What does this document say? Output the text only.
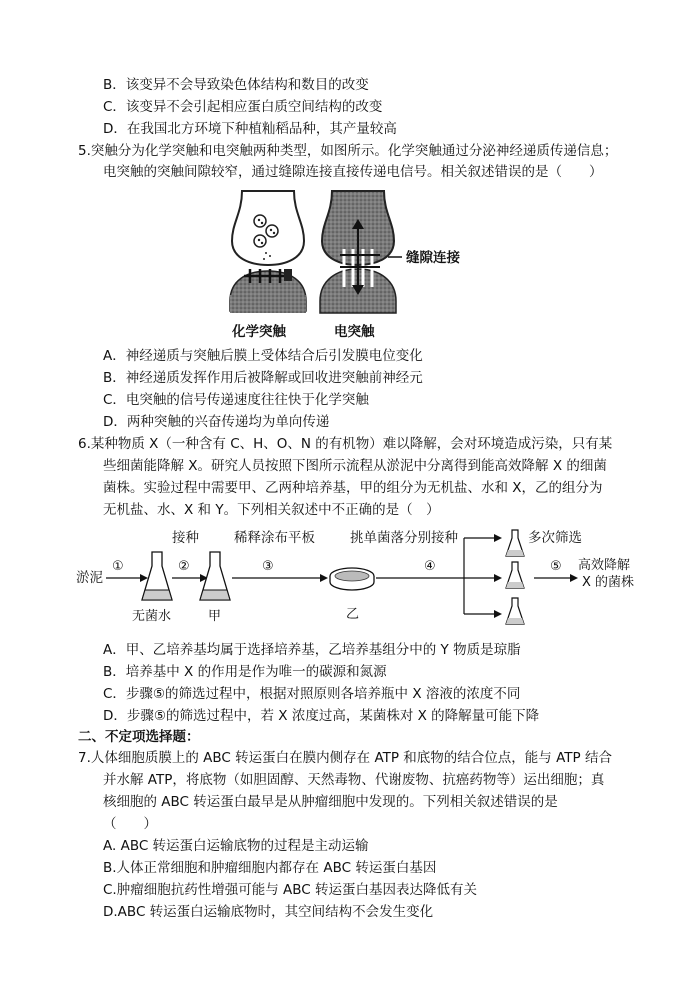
B．该变异不会导致染色体结构和数目的改变
C．该变异不会引起相应蛋白质空间结构的改变
D．在我国北方环境下种植籼稻品种，其产量较高
5.突触分为化学突触和电突触两种类型，如图所示。化学突触通过分泌神经递质传递信息；
电突触的突触间隙较窄，通过缝隙连接直接传递电信号。相关叙述错误的是（　　）
化学突触
缝隙连接
电突触
A．神经递质与突触后膜上受体结合后引发膜电位变化
B．神经递质发挥作用后被降解或回收进突触前神经元
C．电突触的信号传递速度往往快于化学突触
D．两种突触的兴奋传递均为单向传递
6.某种物质 X（一种含有 C、H、O、N 的有机物）难以降解，会对环境造成污染，只有某
些细菌能降解 X。研究人员按照下图所示流程从淤泥中分离得到能高效降解 X 的细菌
菌株。实验过程中需要甲、乙两种培养基，甲的组分为无机盐、水和 X，乙的组分为
无机盐、水、X 和 Y。下列相关叙述中不正确的是（　）
淤泥
①
无菌水
接种
②
甲
稀释涂布平板
③
乙
挑单菌落分别接种
④
多次筛选
⑤ 高效降解
X 的菌株
A．甲、乙培养基均属于选择培养基，乙培养基组分中的 Y 物质是琼脂
B．培养基中 X 的作用是作为唯一的碳源和氮源
C．步骤⑤的筛选过程中，根据对照原则各培养瓶中 X 溶液的浓度不同
D．步骤⑤的筛选过程中，若 X 浓度过高，某菌株对 X 的降解量可能下降
二、不定项选择题：
7.人体细胞质膜上的 ABC 转运蛋白在膜内侧存在 ATP 和底物的结合位点，能与 ATP 结合
并水解 ATP，将底物（如胆固醇、天然毒物、代谢废物、抗癌药物等）运出细胞；真
核细胞的 ABC 转运蛋白最早是从肿瘤细胞中发现的。下列相关叙述错误的是
（　　）
A. ABC 转运蛋白运输底物的过程是主动运输
B.人体正常细胞和肿瘤细胞内都存在 ABC 转运蛋白基因
C.肿瘤细胞抗药性增强可能与 ABC 转运蛋白基因表达降低有关
D.ABC 转运蛋白运输底物时，其空间结构不会发生变化
